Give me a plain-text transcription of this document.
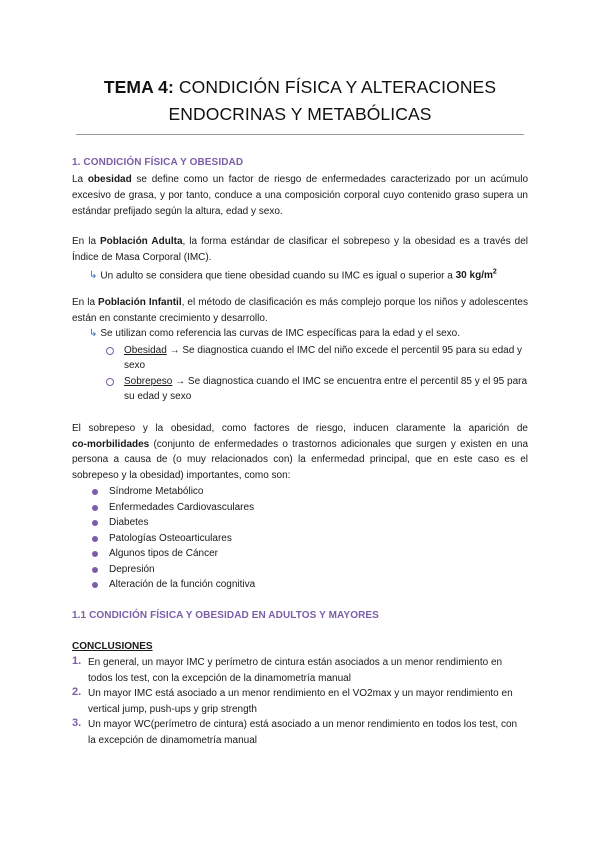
TEMA 4: CONDICIÓN FÍSICA Y ALTERACIONES
ENDOCRINAS Y METABÓLICAS
1. CONDICIÓN FÍSICA Y OBESIDAD
La obesidad se define como un factor de riesgo de enfermedades caracterizado por un acúmulo
excesivo de grasa, y por tanto, conduce a una composición corporal cuyo contenido graso supera un
estándar prefijado según la altura, edad y sexo.
En la Población Adulta, la forma estándar de clasificar el sobrepeso y la obesidad es a través del
Índice de Masa Corporal (IMC).
↳ Un adulto se considera que tiene obesidad cuando su IMC es igual o superior a 30 $kg/m^2$
En la Población Infantil, el método de clasificación es más complejo porque los niños y adolescentes
están en constante crecimiento y desarrollo.
↳ Se utilizan como referencia las curvas de IMC específicas para la edad y el sexo.
Obesidad → Se diagnostica cuando el IMC del niño excede el percentil 95 para su edad y
sexo
Sobrepeso → Se diagnostica cuando el IMC se encuentra entre el percentil 85 y el 95 para
su edad y sexo
El sobrepeso y la obesidad, como factores de riesgo, inducen claramente la aparición de
co-morbilidades (conjunto de enfermedades o trastornos adicionales que surgen y existen en una
persona a causa de (o muy relacionados con) la enfermedad principal, que en este caso es el
sobrepeso y la obesidad) importantes, como son:
Síndrome Metabólico
Enfermedades Cardiovasculares
Diabetes
Patologías Osteoarticulares
Algunos tipos de Cáncer
Depresión
Alteración de la función cognitiva
1.1 CONDICIÓN FÍSICA Y OBESIDAD EN ADULTOS Y MAYORES
CONCLUSIONES
1. En general, un mayor IMC y perímetro de cintura están asociados a un menor rendimiento en
todos los test, con la excepción de la dinamometría manual
2. Un mayor IMC está asociado a un menor rendimiento en el VO2max y un mayor rendimiento en
vertical jump, push-ups y grip strength
3. Un mayor WC(perímetro de cintura) está asociado a un menor rendimiento en todos los test, con
la excepción de dinamometría manual
